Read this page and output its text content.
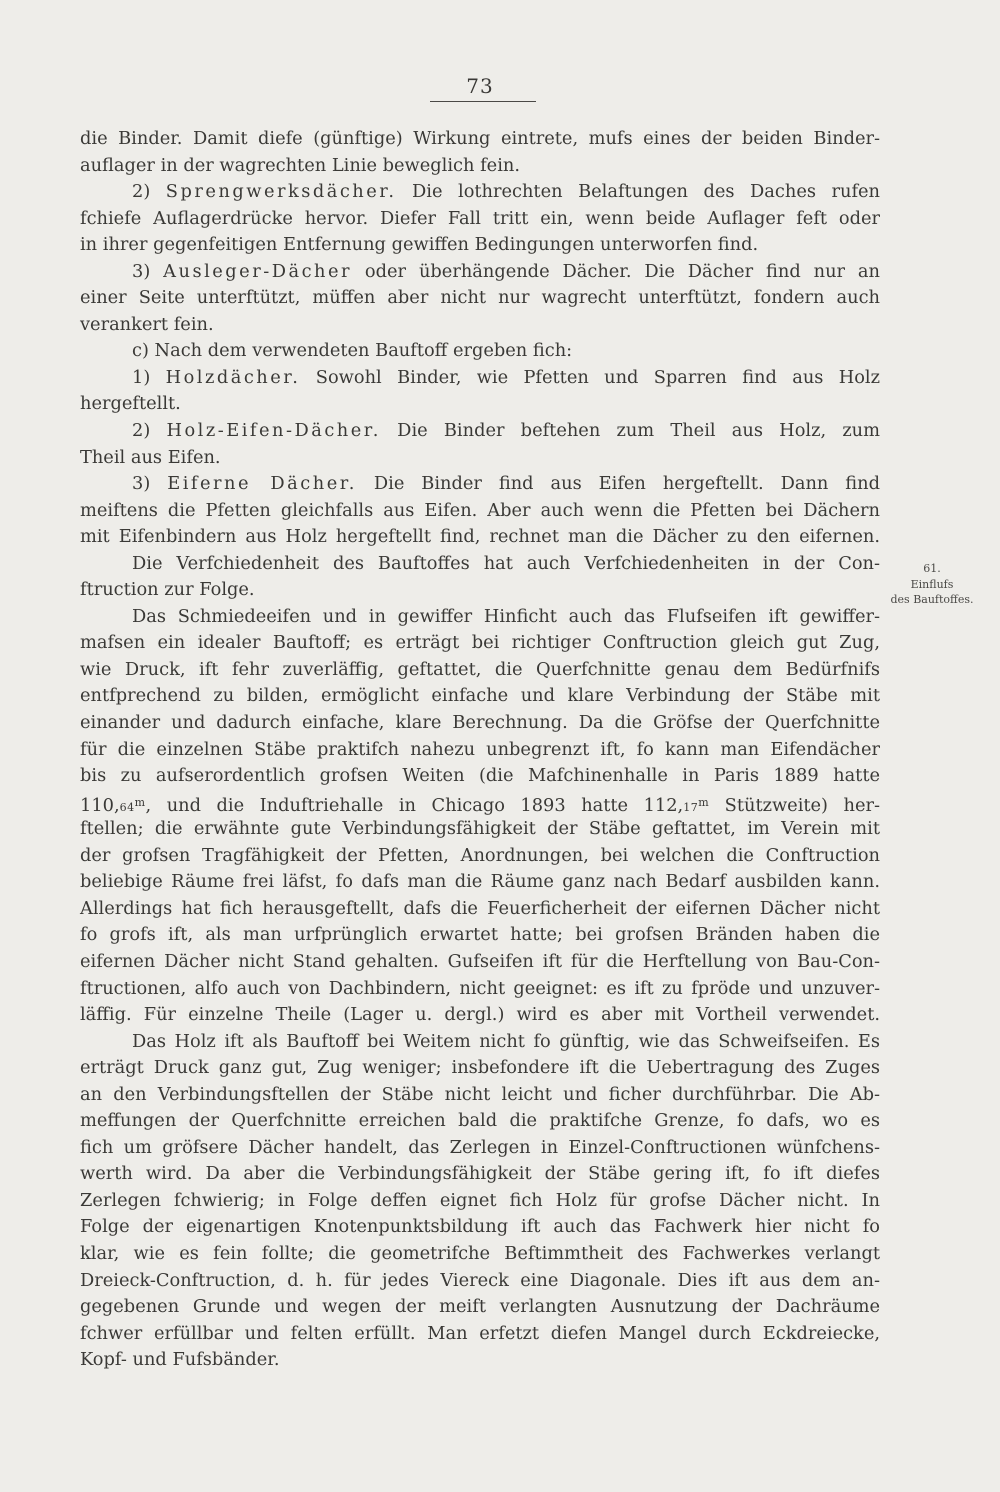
73
61.
Einflufs
des Bauftoffes.
die Binder. Damit diefe (günftige) Wirkung eintrete, mufs eines der beiden Binder-
auflager in der wagrechten Linie beweglich fein.
2) Sprengwerksdächer. Die lothrechten Belaftungen des Daches rufen
fchiefe Auflagerdrücke hervor. Diefer Fall tritt ein, wenn beide Auflager feft oder
in ihrer gegenfeitigen Entfernung gewiffen Bedingungen unterworfen find.
3) Ausleger-Dächer oder überhängende Dächer. Die Dächer find nur an
einer Seite unterftützt, müffen aber nicht nur wagrecht unterftützt, fondern auch
verankert fein.
c) Nach dem verwendeten Bauftoff ergeben fich:
1) Holzdächer. Sowohl Binder, wie Pfetten und Sparren find aus Holz
hergeftellt.
2) Holz-Eifen-Dächer. Die Binder beftehen zum Theil aus Holz, zum
Theil aus Eifen.
3) Eiferne Dächer. Die Binder find aus Eifen hergeftellt. Dann find
meiftens die Pfetten gleichfalls aus Eifen. Aber auch wenn die Pfetten bei Dächern
mit Eifenbindern aus Holz hergeftellt find, rechnet man die Dächer zu den eifernen.
Die Verfchiedenheit des Bauftoffes hat auch Verfchiedenheiten in der Con-
ftruction zur Folge.
Das Schmiedeeifen und in gewiffer Hinficht auch das Flufseifen ift gewiffer-
mafsen ein idealer Bauftoff; es erträgt bei richtiger Conftruction gleich gut Zug,
wie Druck, ift fehr zuverläffig, geftattet, die Querfchnitte genau dem Bedürfnifs
entfprechend zu bilden, ermöglicht einfache und klare Verbindung der Stäbe mit
einander und dadurch einfache, klare Berechnung. Da die Gröfse der Querfchnitte
für die einzelnen Stäbe praktifch nahezu unbegrenzt ift, fo kann man Eifendächer
bis zu aufserordentlich grofsen Weiten (die Mafchinenhalle in Paris 1889 hatte
110,64$^m$, und die Induftriehalle in Chicago 1893 hatte 112,17$^m$ Stützweite) her-
ftellen; die erwähnte gute Verbindungsfähigkeit der Stäbe geftattet, im Verein mit
der grofsen Tragfähigkeit der Pfetten, Anordnungen, bei welchen die Conftruction
beliebige Räume frei läfst, fo dafs man die Räume ganz nach Bedarf ausbilden kann.
Allerdings hat fich herausgeftellt, dafs die Feuerficherheit der eifernen Dächer nicht
fo grofs ift, als man urfprünglich erwartet hatte; bei grofsen Bränden haben die
eifernen Dächer nicht Stand gehalten. Gufseifen ift für die Herftellung von Bau-Con-
ftructionen, alfo auch von Dachbindern, nicht geeignet: es ift zu fpröde und unzuver-
läffig. Für einzelne Theile (Lager u. dergl.) wird es aber mit Vortheil verwendet.
Das Holz ift als Bauftoff bei Weitem nicht fo günftig, wie das Schweifseifen. Es
erträgt Druck ganz gut, Zug weniger; insbefondere ift die Uebertragung des Zuges
an den Verbindungsftellen der Stäbe nicht leicht und ficher durchführbar. Die Ab-
meffungen der Querfchnitte erreichen bald die praktifche Grenze, fo dafs, wo es
fich um gröfsere Dächer handelt, das Zerlegen in Einzel-Conftructionen wünfchens-
werth wird. Da aber die Verbindungsfähigkeit der Stäbe gering ift, fo ift diefes
Zerlegen fchwierig; in Folge deffen eignet fich Holz für grofse Dächer nicht. In
Folge der eigenartigen Knotenpunktsbildung ift auch das Fachwerk hier nicht fo
klar, wie es fein follte; die geometrifche Beftimmtheit des Fachwerkes verlangt
Dreieck-Conftruction, d. h. für jedes Viereck eine Diagonale. Dies ift aus dem an-
gegebenen Grunde und wegen der meift verlangten Ausnutzung der Dachräume
fchwer erfüllbar und felten erfüllt. Man erfetzt diefen Mangel durch Eckdreiecke,
Kopf- und Fufsbänder.
